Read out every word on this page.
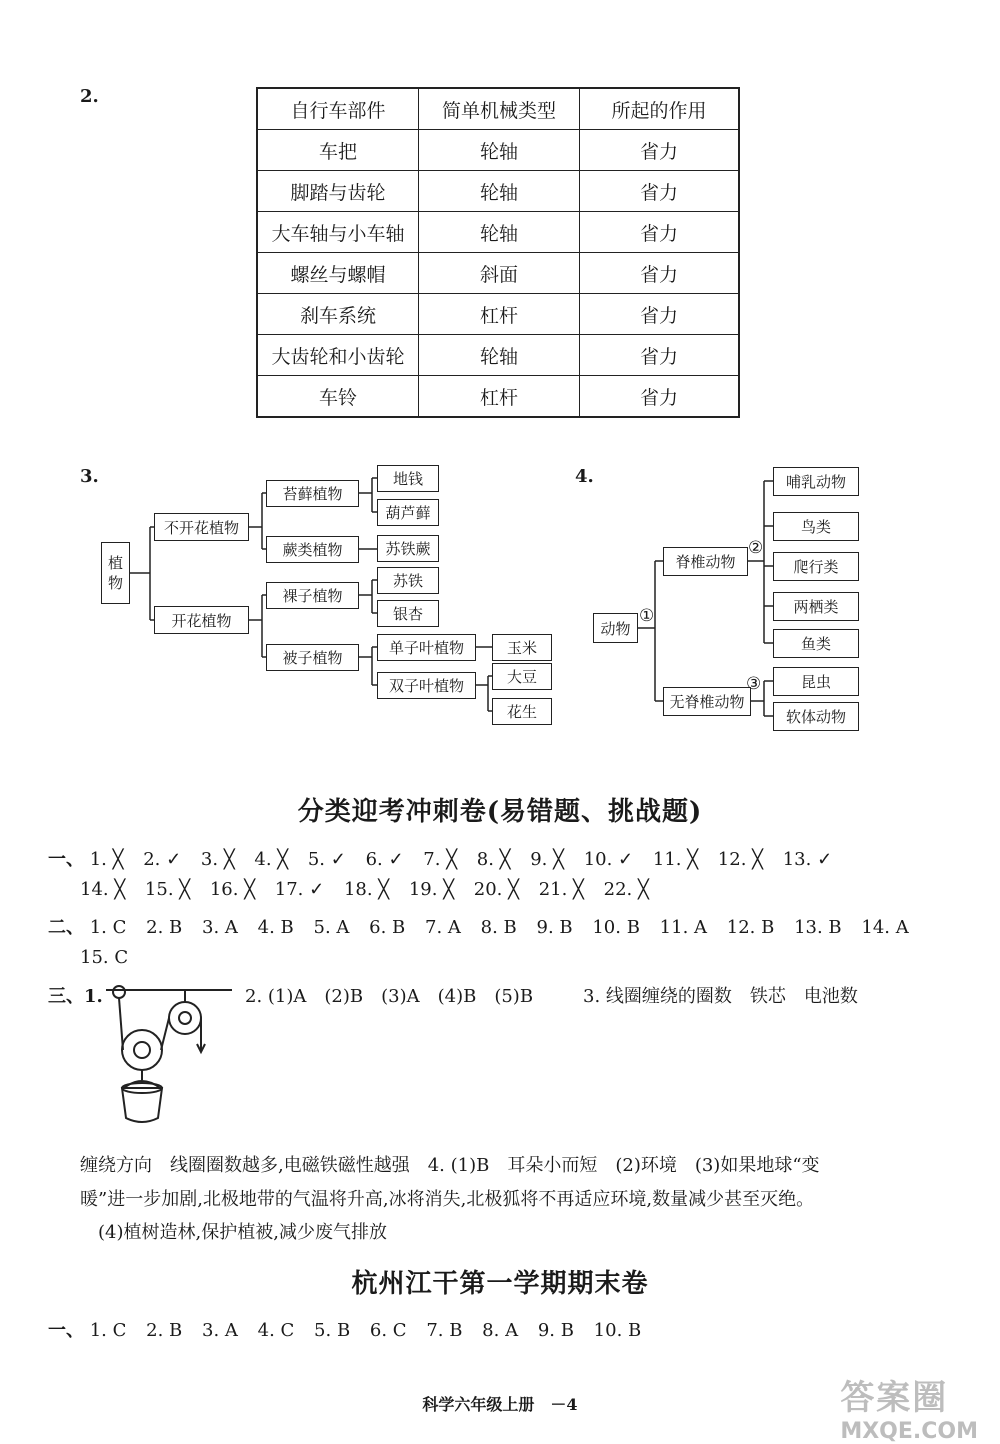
2.
自行车部件	简单机械类型	所起的作用
车把	轮轴	省力
脚踏与齿轮	轮轴	省力
大车轴与小车轴	轮轴	省力
螺丝与螺帽	斜面	省力
刹车系统	杠杆	省力
大齿轮和小齿轮	轮轴	省力
车铃	杠杆	省力
3.
植物
不开花植物
苔藓植物
地钱
葫芦藓
蕨类植物	苏铁蕨
开花植物
裸子植物
苏铁
银杏
被子植物
单子叶植物	玉米
双子叶植物	大豆
花生
4.
动物
①
脊椎动物
②
哺乳动物
鸟类
爬行类
两栖类
鱼类
无脊椎动物
③	昆虫
软体动物
分类迎考冲刺卷(易错题、挑战题)
一、 1. ╳ 2. ✓ 3. ╳ 4. ╳ 5. ✓ 6. ✓ 7. ╳ 8. ╳ 9. ╳ 10. ✓ 11. ╳ 12. ╳ 13. ✓
14. ╳ 15. ╳ 16. ╳ 17. ✓ 18. ╳ 19. ╳ 20. ╳ 21. ╳ 22. ╳
二、 1. C 2. B 3. A 4. B 5. A 6. B 7. A 8. B 9. B 10. B 11. A 12. B 13. B 14. A
15. C
三、1.	2. (1)A　(2)B　(3)A　(4)B　(5)B	3. 线圈缠绕的圈数　铁芯　电池数
缠绕方向　线圈圈数越多,电磁铁磁性越强　4. (1)B　耳朵小而短　(2)环境　(3)如果地球“变
暖”进一步加剧,北极地带的气温将升高,冰将消失,北极狐将不再适应环境,数量减少甚至灭绝。
(4)植树造林,保护植被,减少废气排放
杭州江干第一学期期末卷
一、 1. C 2. B 3. A 4. C 5. B 6. C 7. B 8. A 9. B 10. B
科学六年级上册　－4	答案圈
MXQE.COM
